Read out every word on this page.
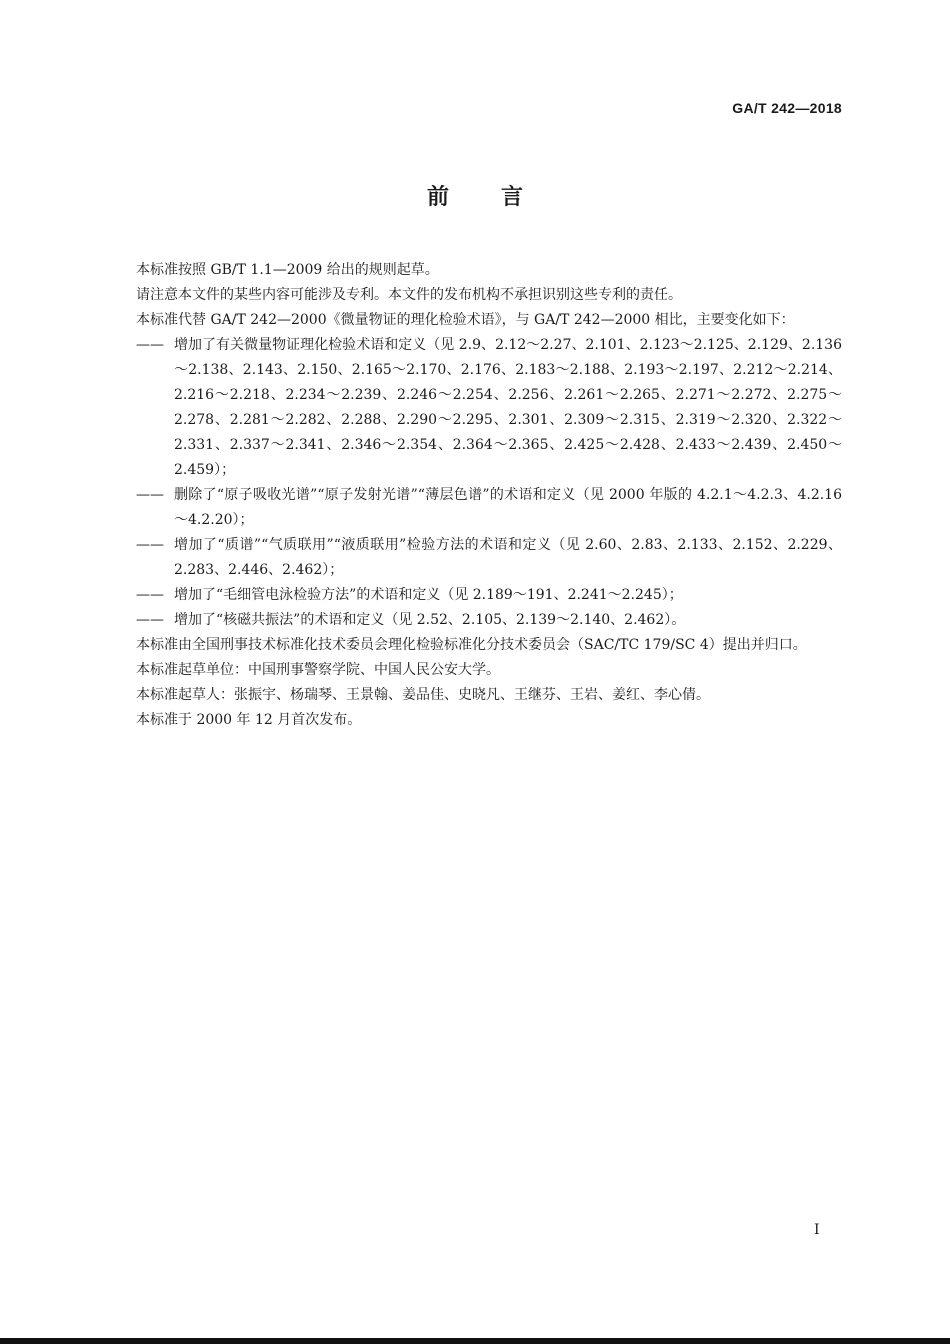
GA/T 242—2018
前言

本标准按照 GB/T 1.1—2009 给出的规则起草。

请注意本文件的某些内容可能涉及专利。本文件的发布机构不承担识别这些专利的责任。

本标准代替 GA/T 242—2000《微量物证的理化检验术语》，与 GA/T 242—2000 相比，主要变化如下：

—— 增加了有关微量物证理化检验术语和定义（见 2.9、2.12～2.27、2.101、2.123～2.125、2.129、2.136～2.138、2.143、2.150、2.165～2.170、2.176、2.183～2.188、2.193～2.197、2.212～2.214、2.216～2.218、2.234～2.239、2.246～2.254、2.256、2.261～2.265、2.271～2.272、2.275～2.278、2.281～2.282、2.288、2.290～2.295、2.301、2.309～2.315、2.319～2.320、2.322～2.331、2.337～2.341、2.346～2.354、2.364～2.365、2.425～2.428、2.433～2.439、2.450～2.459）；
—— 删除了“原子吸收光谱”“原子发射光谱”“薄层色谱”的术语和定义（见 2000 年版的 4.2.1～4.2.3、4.2.16～4.2.20）；
—— 增加了“质谱”“气质联用”“液质联用”检验方法的术语和定义（见 2.60、2.83、2.133、2.152、2.229、2.283、2.446、2.462）；
—— 增加了“毛细管电泳检验方法”的术语和定义（见 2.189～191、2.241～2.245）；
—— 增加了“核磁共振法”的术语和定义（见 2.52、2.105、2.139～2.140、2.462）。

本标准由全国刑事技术标准化技术委员会理化检验标准化分技术委员会（SAC/TC 179/SC 4）提出并归口。

本标准起草单位：中国刑事警察学院、中国人民公安大学。

本标准起草人：张振宇、杨瑞琴、王景翰、姜品佳、史晓凡、王继芬、王岩、姜红、李心倩。

本标准于 2000 年 12 月首次发布。

I
